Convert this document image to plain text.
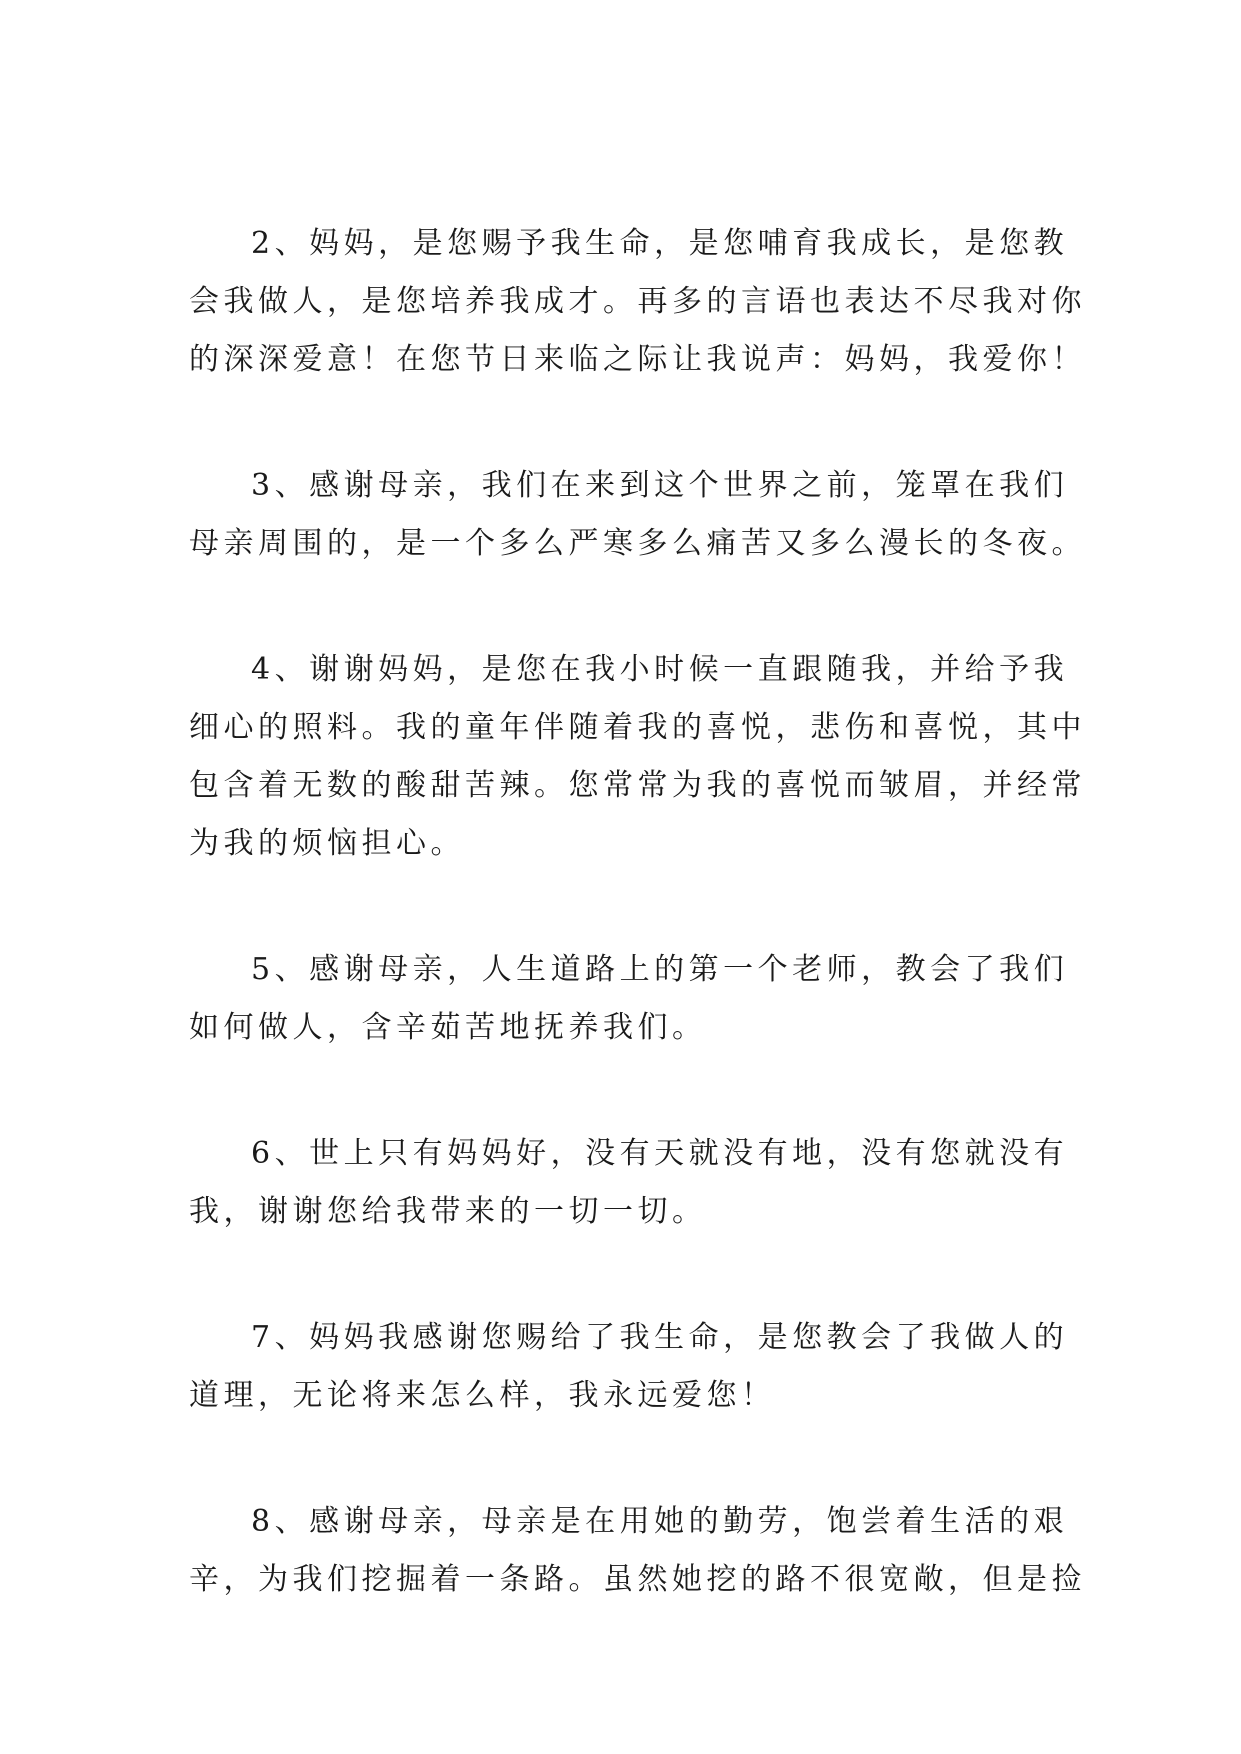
2、妈妈，是您赐予我生命，是您哺育我成长，是您教
会我做人，是您培养我成才。再多的言语也表达不尽我对你
的深深爱意！在您节日来临之际让我说声：妈妈，我爱你！

3、感谢母亲，我们在来到这个世界之前，笼罩在我们
母亲周围的，是一个多么严寒多么痛苦又多么漫长的冬夜。

4、谢谢妈妈，是您在我小时候一直跟随我，并给予我
细心的照料。我的童年伴随着我的喜悦，悲伤和喜悦，其中
包含着无数的酸甜苦辣。您常常为我的喜悦而皱眉，并经常
为我的烦恼担心。

5、感谢母亲，人生道路上的第一个老师，教会了我们
如何做人，含辛茹苦地抚养我们。

6、世上只有妈妈好，没有天就没有地，没有您就没有
我，谢谢您给我带来的一切一切。

7、妈妈我感谢您赐给了我生命，是您教会了我做人的
道理，无论将来怎么样，我永远爱您！

8、感谢母亲，母亲是在用她的勤劳，饱尝着生活的艰
辛，为我们挖掘着一条路。虽然她挖的路不很宽敞，但是捡
